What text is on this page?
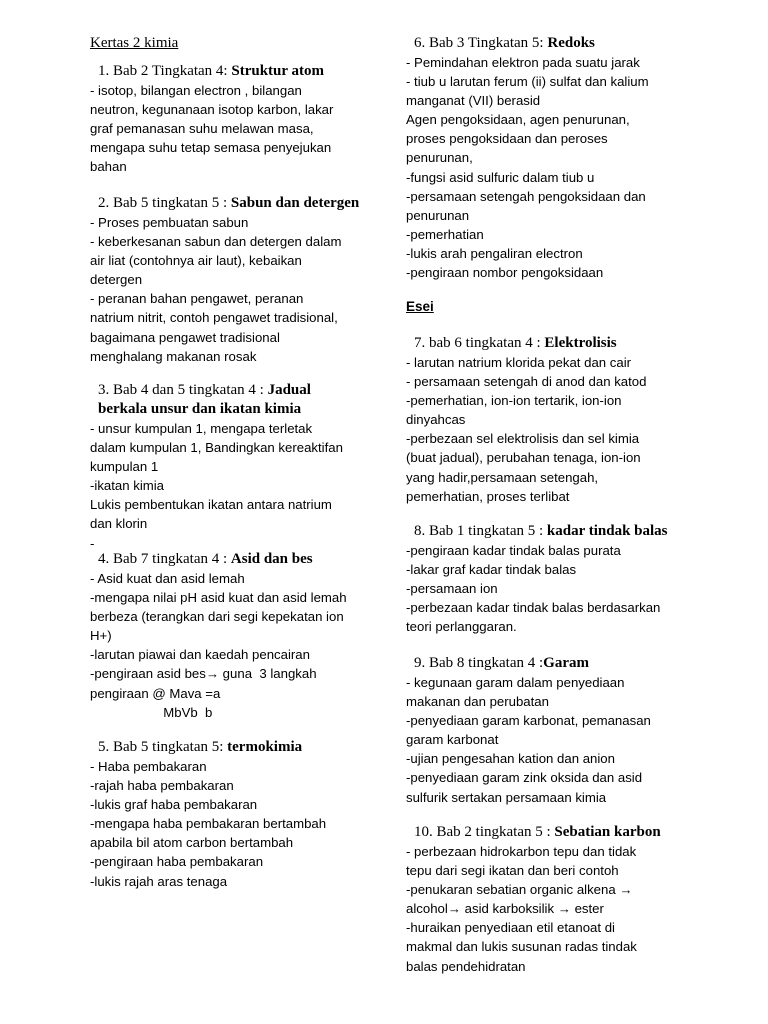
Kertas 2 kimia
Esei
1. Bab 2 Tingkatan 4: Struktur atom
- isotop, bilangan electron , bilangan
neutron, kegunanaan isotop karbon, lakar
graf pemanasan suhu melawan masa,
mengapa suhu tetap semasa penyejukan
bahan
2. Bab 5 tingkatan 5 : Sabun dan detergen
- Proses pembuatan sabun
- keberkesanan sabun dan detergen dalam
air liat (contohnya air laut), kebaikan
detergen
- peranan bahan pengawet, peranan
natrium nitrit, contoh pengawet tradisional,
bagaimana pengawet tradisional
menghalang makanan rosak
3. Bab 4 dan 5 tingkatan 4 : Jadual
berkala unsur dan ikatan kimia
- unsur kumpulan 1, mengapa terletak
dalam kumpulan 1, Bandingkan kereaktifan
kumpulan 1
-ikatan kimia
Lukis pembentukan ikatan antara natrium
dan klorin
-
4. Bab 7 tingkatan 4 : Asid dan bes
- Asid kuat dan asid lemah
-mengapa nilai pH asid kuat dan asid lemah
berbeza (terangkan dari segi kepekatan ion
H+)
-larutan piawai dan kaedah pencairan
-pengiraan asid bes→ guna  3 langkah
pengiraan @ Mava =a
MbVb  b
5. Bab 5 tingkatan 5: termokimia
- Haba pembakaran
-rajah haba pembakaran
-lukis graf haba pembakaran
-mengapa haba pembakaran bertambah
apabila bil atom carbon bertambah
-pengiraan haba pembakaran
-lukis rajah aras tenaga
6. Bab 3 Tingkatan 5: Redoks
- Pemindahan elektron pada suatu jarak
- tiub u larutan ferum (ii) sulfat dan kalium
manganat (VII) berasid
Agen pengoksidaan, agen penurunan,
proses pengoksidaan dan peroses
penurunan,
-fungsi asid sulfuric dalam tiub u
-persamaan setengah pengoksidaan dan
penurunan
-pemerhatian
-lukis arah pengaliran electron
-pengiraan nombor pengoksidaan
7. bab 6 tingkatan 4 : Elektrolisis
- larutan natrium klorida pekat dan cair
- persamaan setengah di anod dan katod
-pemerhatian, ion-ion tertarik, ion-ion
dinyahcas
-perbezaan sel elektrolisis dan sel kimia
(buat jadual), perubahan tenaga, ion-ion
yang hadir,persamaan setengah,
pemerhatian, proses terlibat
8. Bab 1 tingkatan 5 : kadar tindak balas
-pengiraan kadar tindak balas purata
-lakar graf kadar tindak balas
-persamaan ion
-perbezaan kadar tindak balas berdasarkan
teori perlanggaran.
9. Bab 8 tingkatan 4 :Garam
- kegunaan garam dalam penyediaan
makanan dan perubatan
-penyediaan garam karbonat, pemanasan
garam karbonat
-ujian pengesahan kation dan anion
-penyediaan garam zink oksida dan asid
sulfurik sertakan persamaan kimia
10. Bab 2 tingkatan 5 : Sebatian karbon
- perbezaan hidrokarbon tepu dan tidak
tepu dari segi ikatan dan beri contoh
-penukaran sebatian organic alkena →
alcohol→ asid karboksilik → ester
-huraikan penyediaan etil etanoat di
makmal dan lukis susunan radas tindak
balas pendehidratan
